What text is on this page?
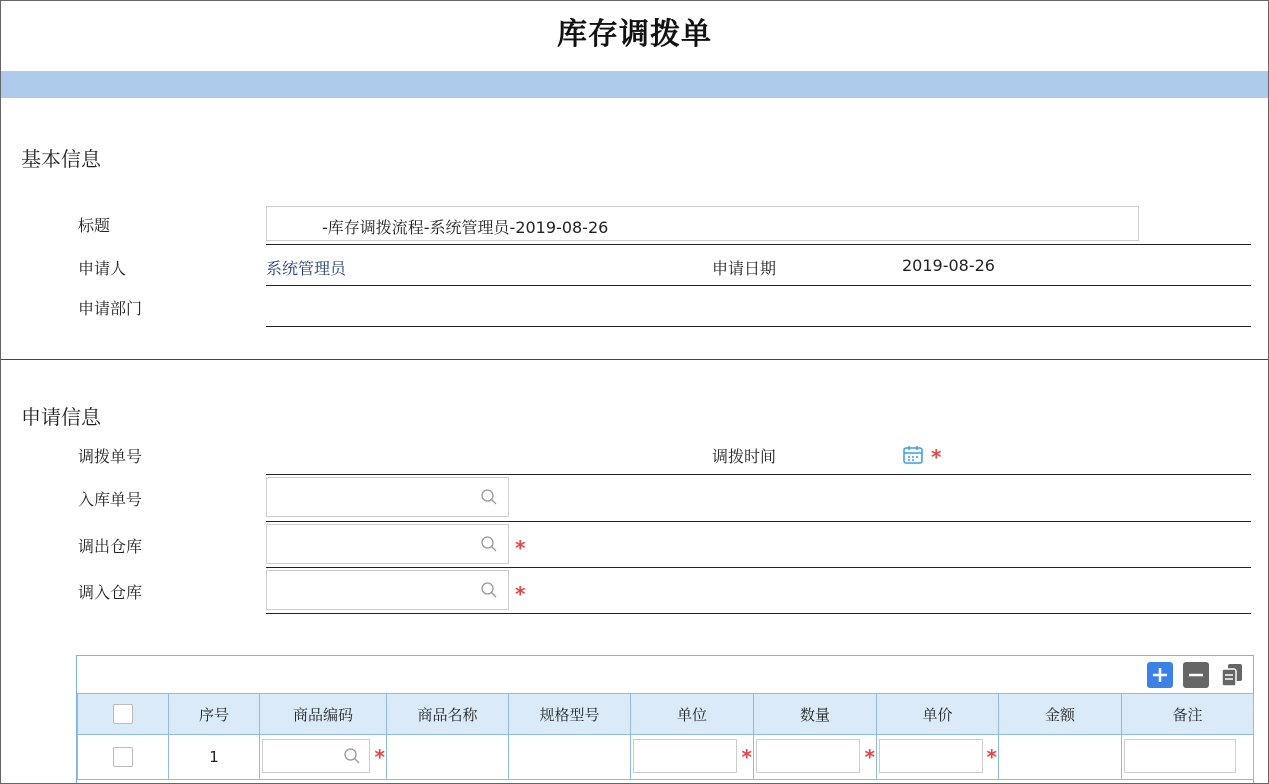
库存调拨单
基本信息
标题	-库存调拨流程-系统管理员-2019-08-26
申请人	系统管理员	申请日期	2019-08-26
申请部门
申请信息
调拨单号	调拨时间	*
入库单号
调出仓库	*
调入仓库	*
	序号	商品编码	商品名称	规格型号	单位	数量	单价	金额	备注
	1	*			*	*	*		
